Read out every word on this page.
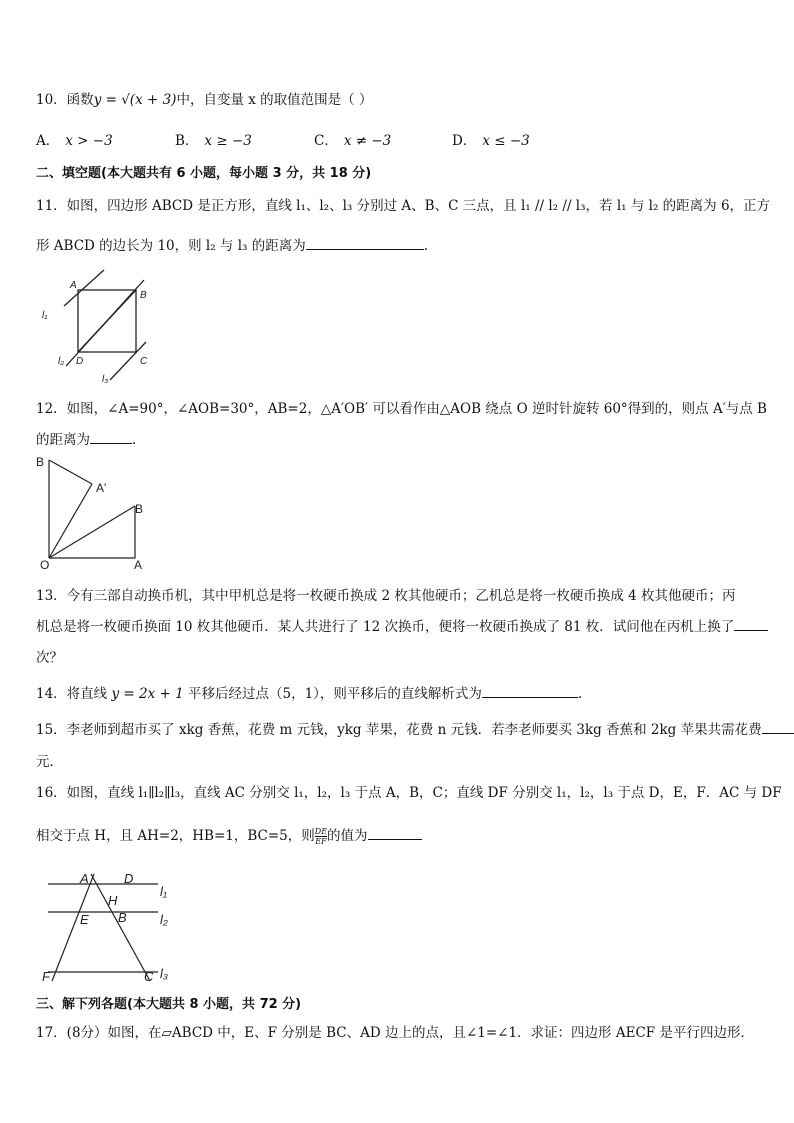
10．函数y = √(x + 3)中，自变量 x 的取值范围是（ ）
A． x > −3	B． x ≥ −3	C． x ≠ −3	D． x ≤ −3
二、填空题(本大题共有 6 小题，每小题 3 分，共 18 分)
11．如图，四边形 ABCD 是正方形，直线 l₁、l₂、l₃ 分别过 A、B、C 三点，且 l₁ // l₂ // l₃，若 l₁ 与 l₂ 的距离为 6，正方
形 ABCD 的边长为 10，则 l₂ 与 l₃ 的距离为	.
A
B
D	C
l₁
l₂
l₃
12．如图，∠A=90°，∠AOB=30°，AB=2，△A′OB′ 可以看作由△AOB 绕点 O 逆时针旋转 60°得到的，则点 A′与点 B
的距离为	.
B
A'
B
O	A
13．今有三部自动换币机，其中甲机总是将一枚硬币换成 2 枚其他硬币；乙机总是将一枚硬币换成 4 枚其他硬币；丙
机总是将一枚硬币换面 10 枚其他硬币．某人共进行了 12 次换币，便将一枚硬币换成了 81 枚．试问他在丙机上换了
次？
14．将直线 y = 2x + 1 平移后经过点（5，1），则平移后的直线解析式为	．
15．李老师到超市买了 xkg 香蕉，花费 m 元钱，ykg 苹果，花费 n 元钱．若李老师要买 3kg 香蕉和 2kg 苹果共需花费
元．
16．如图，直线 l₁∥l₂∥l₃，直线 AC 分别交 l₁，l₂，l₃ 于点 A，B，C；直线 DF 分别交 l₁，l₂，l₃ 于点 D，E，F．AC 与 DF
相交于点 H，且 AH=2，HB=1，BC=5，则 $\frac{DE}{EF}$ 的值为
A	D
l₁
H
E B	l₂
F	C l₃
三、解下列各题(本大题共 8 小题，共 72 分)
17．(8分）如图，在▱ABCD 中，E、F 分别是 BC、AD 边上的点，且∠1=∠1．求证：四边形 AECF 是平行四边形．
